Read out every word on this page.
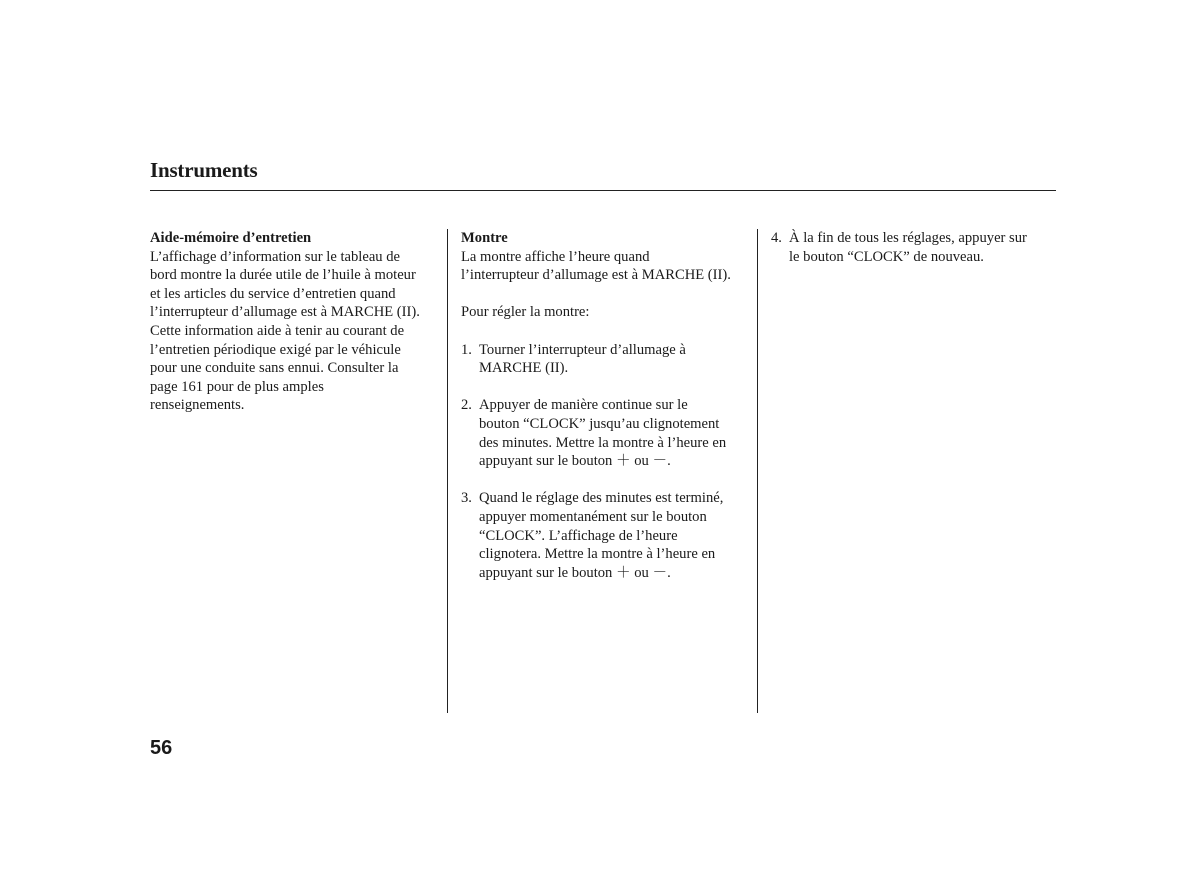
Instruments

Aide-mémoire d’entretien

L’affichage d’information sur le tableau de
bord montre la durée utile de l’huile à moteur
et les articles du service d’entretien quand
l’interrupteur d’allumage est à MARCHE (II).
Cette information aide à tenir au courant de
l’entretien périodique exigé par le véhicule
pour une conduite sans ennui. Consulter la
page 161 pour de plus amples
renseignements.

Montre

La montre affiche l’heure quand
l’interrupteur d’allumage est à MARCHE (II).

Pour régler la montre:

1. Tourner l’interrupteur d’allumage à
MARCHE (II).
2. Appuyer de manière continue sur le
bouton “CLOCK” jusqu’au clignotement
des minutes. Mettre la montre à l’heure en
appuyant sur le bouton ＋ ou －.
3. Quand le réglage des minutes est terminé,
appuyer momentanément sur le bouton
“CLOCK”. L’affichage de l’heure
clignotera. Mettre la montre à l’heure en
appuyant sur le bouton ＋ ou －.
4. À la fin de tous les réglages, appuyer sur
le bouton “CLOCK” de nouveau.

56
